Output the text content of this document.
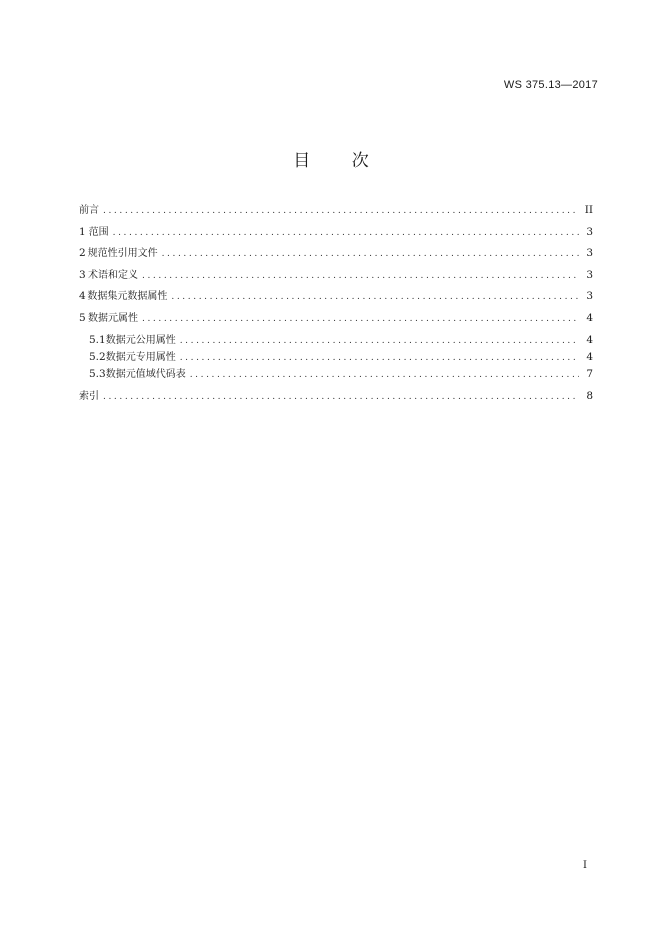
WS 375.13—2017
目 次
前言 .....	II
1 范围 .....	3
2 规范性引用文件 .....	3
3 术语和定义 .....	3
4 数据集元数据属性 .....	3
5 数据元属性 .....	4
5.1 数据元公用属性 .....	4
5.2 数据元专用属性 .....	4
5.3 数据元值域代码表 .....	7
索引 .....	8
I
